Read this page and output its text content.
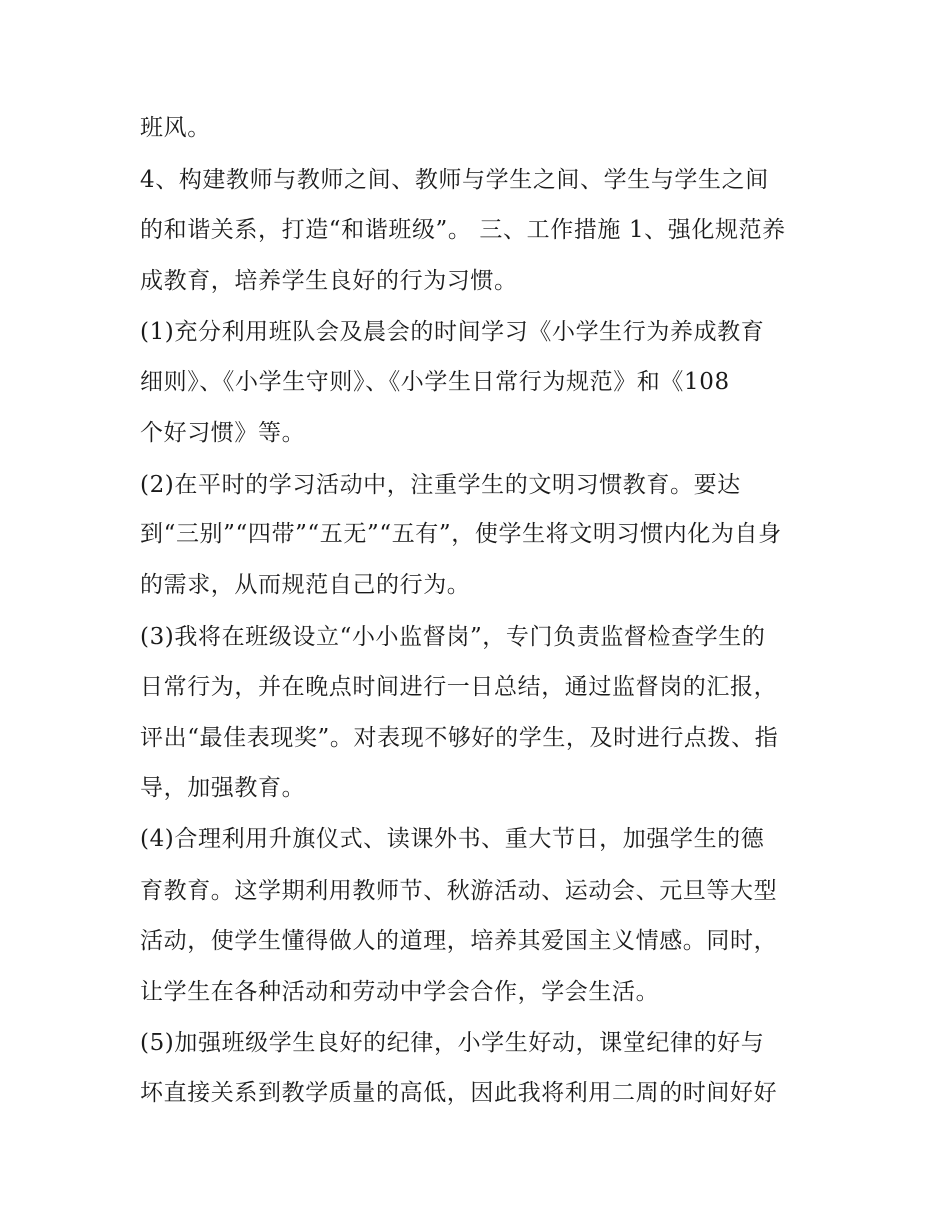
班风。
4、构建教师与教师之间、教师与学生之间、学生与学生之间
的和谐关系，打造“和谐班级”。 三、工作措施 1、强化规范养
成教育，培养学生良好的行为习惯。
(1)充分利用班队会及晨会的时间学习《小学生行为养成教育
细则》、《小学生守则》、《小学生日常行为规范》和《108
个好习惯》等。
(2)在平时的学习活动中，注重学生的文明习惯教育。要达
到“三别”“四带”“五无”“五有”，使学生将文明习惯内化为自身
的需求，从而规范自己的行为。
(3)我将在班级设立“小小监督岗”，专门负责监督检查学生的
日常行为，并在晚点时间进行一日总结，通过监督岗的汇报，
评出“最佳表现奖”。对表现不够好的学生，及时进行点拨、指
导，加强教育。
(4)合理利用升旗仪式、读课外书、重大节日，加强学生的德
育教育。这学期利用教师节、秋游活动、运动会、元旦等大型
活动，使学生懂得做人的道理，培养其爱国主义情感。同时，
让学生在各种活动和劳动中学会合作，学会生活。
(5)加强班级学生良好的纪律，小学生好动，课堂纪律的好与
坏直接关系到教学质量的高低，因此我将利用二周的时间好好
